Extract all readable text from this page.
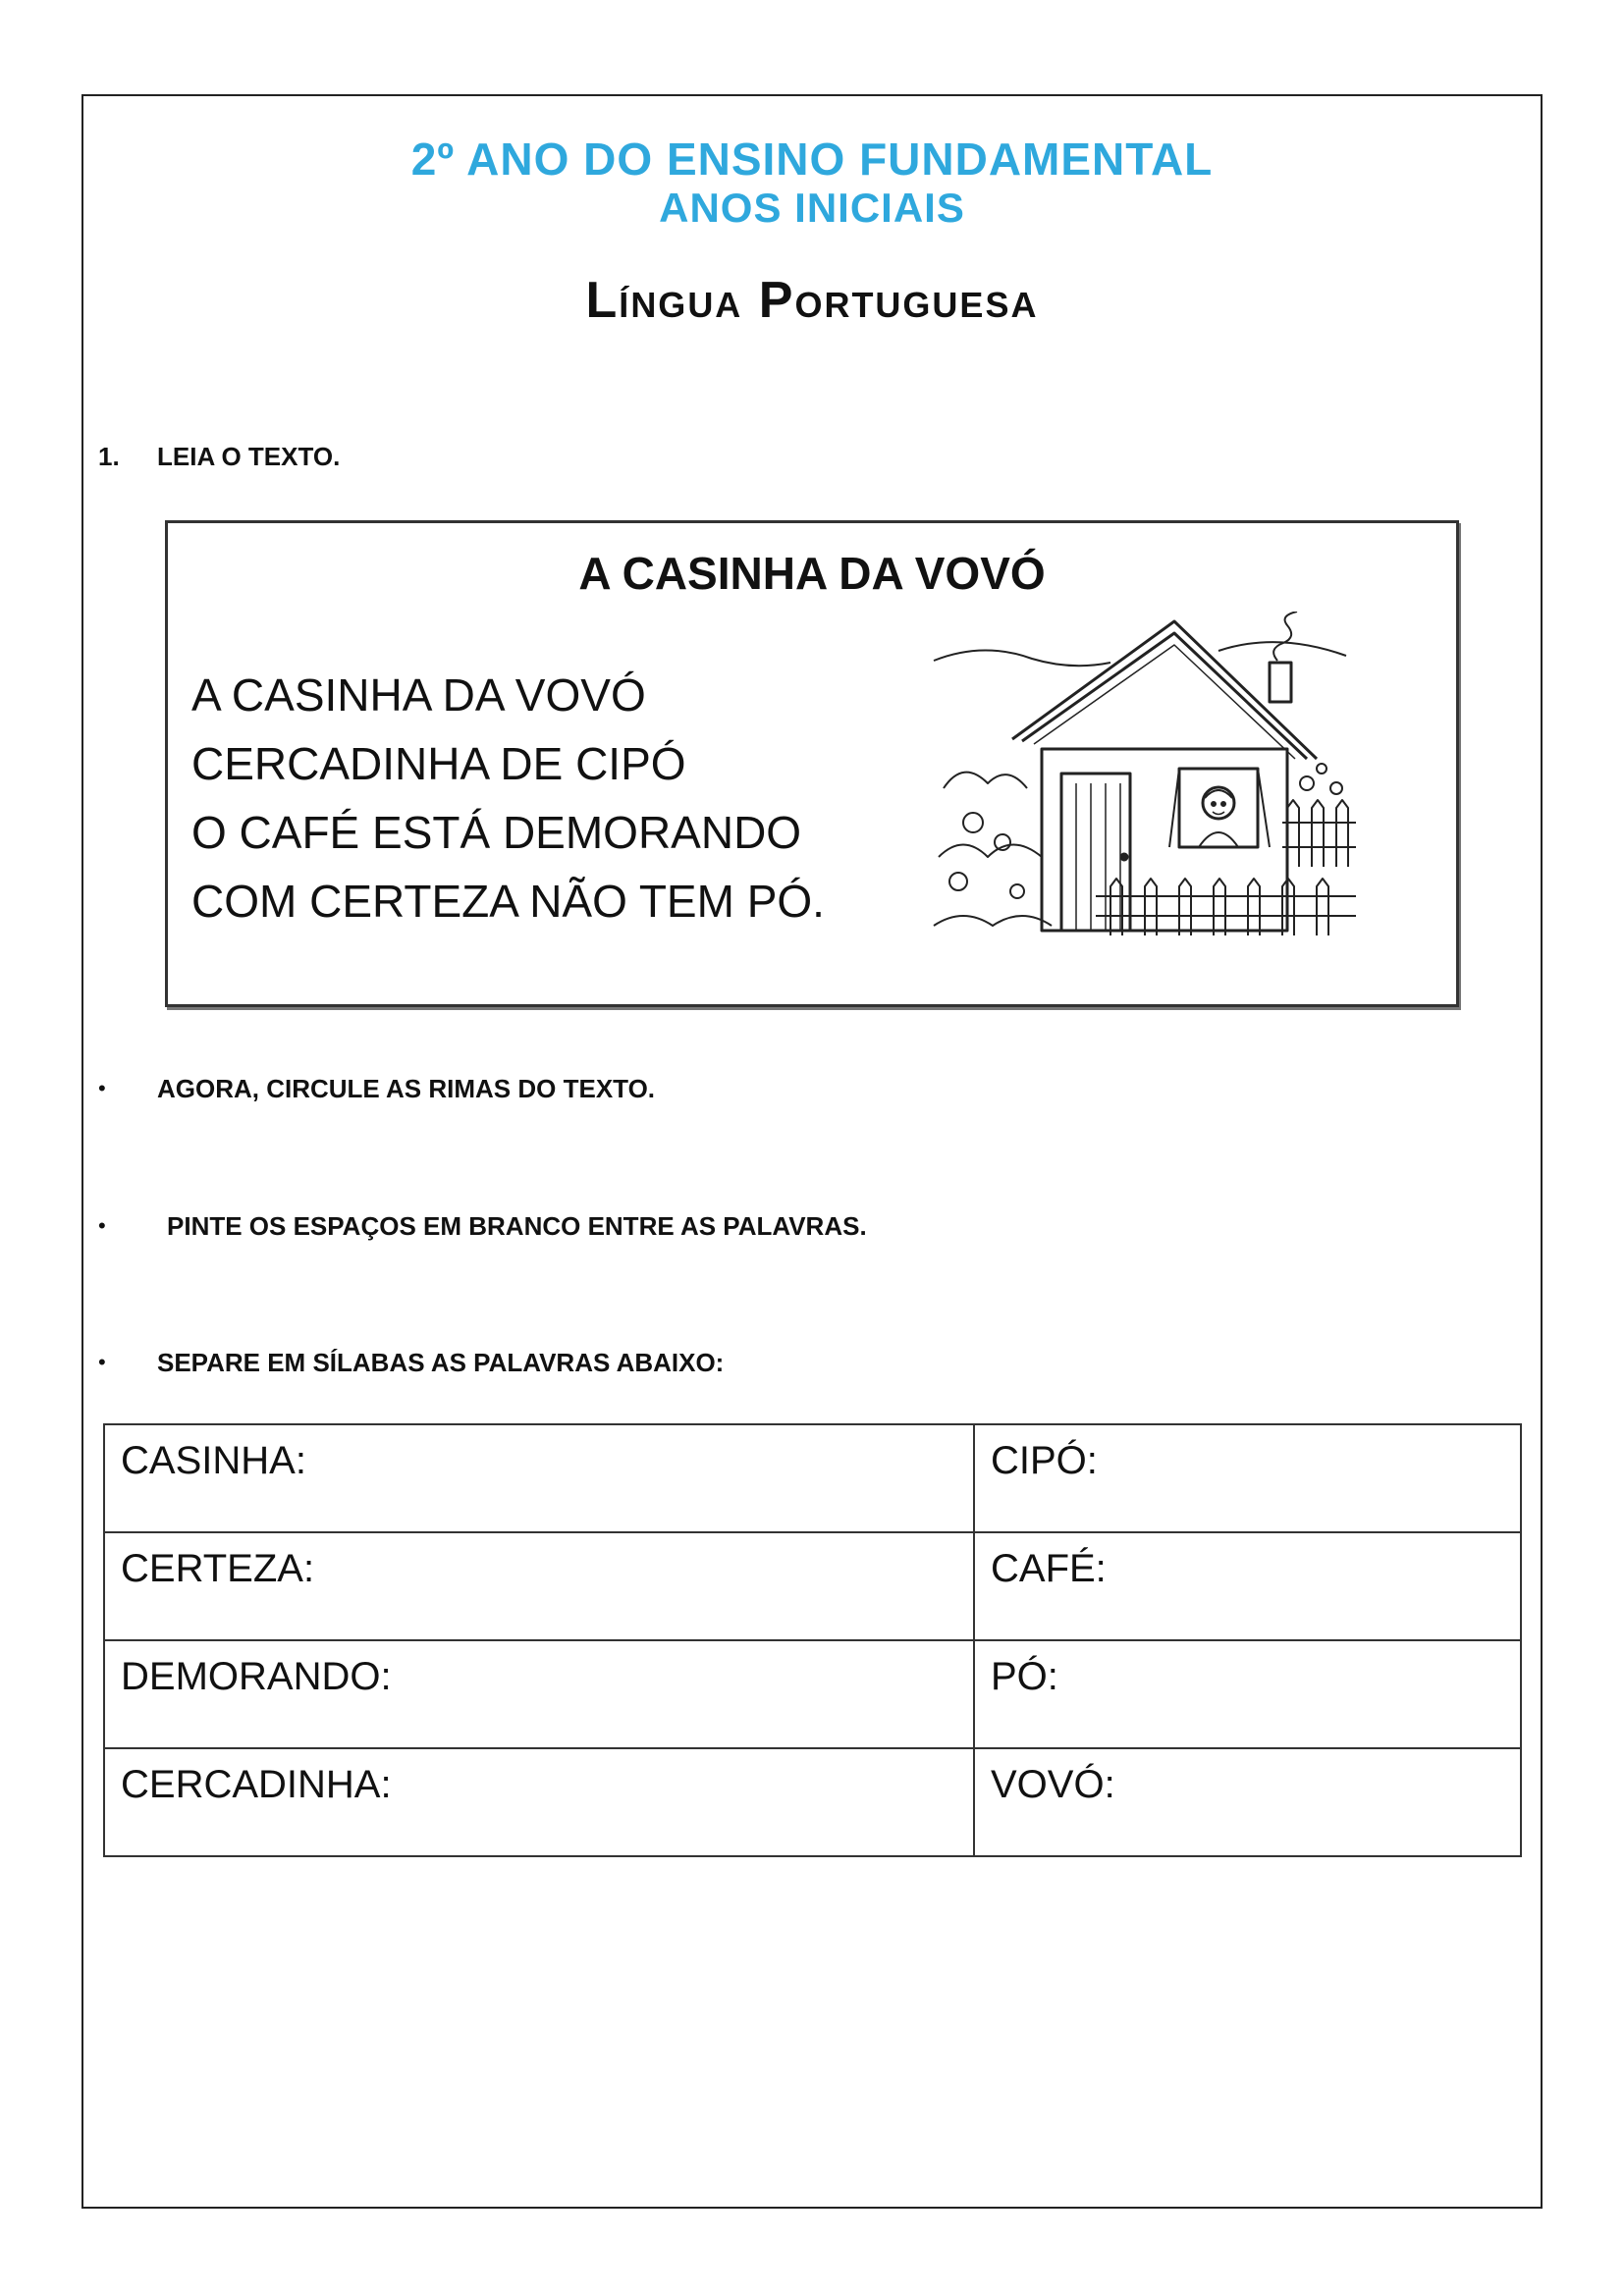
2º ANO DO ENSINO FUNDAMENTAL
ANOS INICIAIS
Língua Portuguesa
1. LEIA O TEXTO.
A CASINHA DA VOVÓ
A CASINHA DA VOVÓ
CERCADINHA DE CIPÓ
O CAFÉ ESTÁ DEMORANDO
COM CERTEZA NÃO TEM PÓ.
• AGORA, CIRCULE AS RIMAS DO TEXTO.
• PINTE OS ESPAÇOS EM BRANCO ENTRE AS PALAVRAS.
• SEPARE EM SÍLABAS AS PALAVRAS ABAIXO:
CASINHA:	CIPÓ:
CERTEZA:	CAFÉ:
DEMORANDO:	PÓ:
CERCADINHA:	VOVÓ:
